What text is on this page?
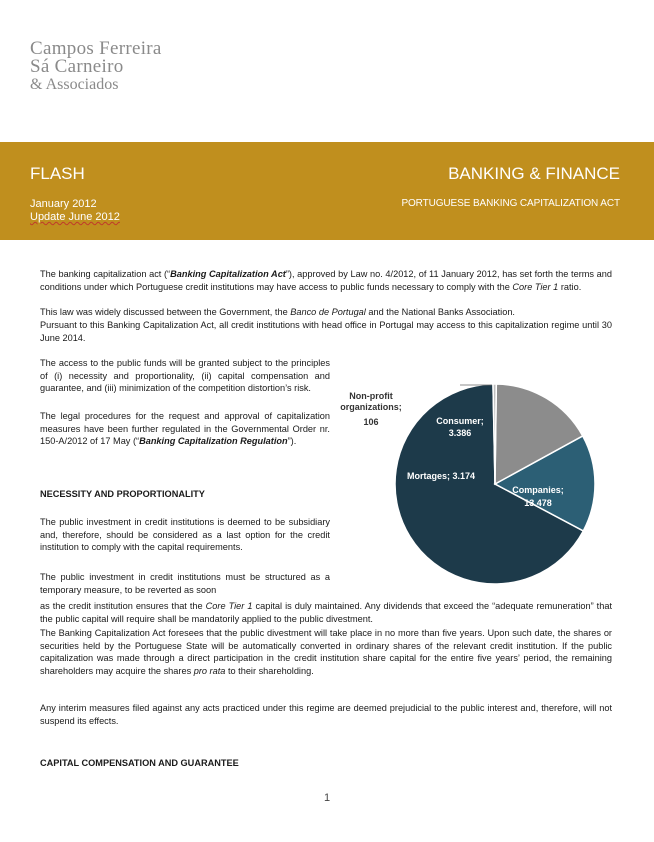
Campos Ferreira
Sá Carneiro
& Associados
FLASH
January 2012
Update June 2012
BANKING & FINANCE
PORTUGUESE BANKING CAPITALIZATION ACT

The banking capitalization act (“Banking Capitalization Act”), approved by Law no. 4/2012, of 11 January 2012, has set forth the terms and conditions under which Portuguese credit institutions may have access to public funds necessary to comply with the Core Tier 1 ratio.

This law was widely discussed between the Government, the Banco de Portugal and the National Banks Association.

Pursuant to this Banking Capitalization Act, all credit institutions with head office in Portugal may access to this capitalization regime until 30 June 2014.

The access to the public funds will be granted subject to the principles of (i) necessity and proportionality, (ii) capital compensation and guarantee, and (iii) minimization of the competition distortion’s risk.

The legal procedures for the request and approval of capitalization measures have been further regulated in the Governmental Order nr. 150-A/2012 of 17 May (“Banking Capitalization Regulation”).

NECESSITY AND PROPORTIONALITY

The public investment in credit institutions is deemed to be subsidiary and, therefore, should be considered as a last option for the credit institution to comply with the capital requirements.

The public investment in credit institutions must be structured as a temporary measure, to be reverted as soon

as the credit institution ensures that the Core Tier 1 capital is duly maintained. Any dividends that exceed the “adequate remuneration” that the public capital will require shall be mandatorily applied to the public divestment.

The Banking Capitalization Act foresees that the public divestment will take place in no more than five years. Upon such date, the shares or securities held by the Portuguese State will be automatically converted in ordinary shares of the relevant credit institution. If the public capitalization was made through a direct participation in the credit institution share capital for the entire five years’ period, the remaining shareholders may acquire the shares pro rata to their shareholding.

Any interim measures filed against any acts practiced under this regime are deemed prejudicial to the public interest and, therefore, will not suspend its effects.

CAPITAL COMPENSATION AND GUARANTEE

Non-profit
organizations;
106	Consumer;
3.386
Mortages; 3.174
Companies;
13.478
1
